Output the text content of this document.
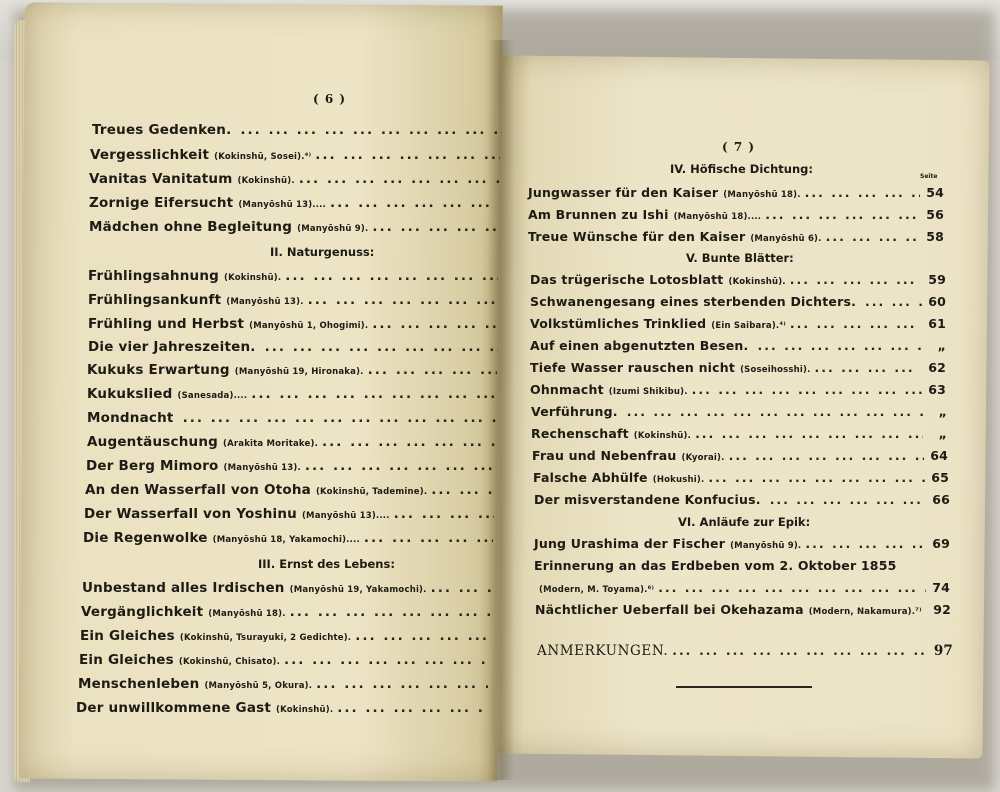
( 6 )
Treues Gedenken.
... .
Vergesslichkeit (Kokinshū, Sosei).⁴⁾
... .
Vanitas Vanitatum (Kokinshū).
... .
Zornige Eifersucht (Manyōshū 13)....
... .
Mädchen ohne Begleitung (Manyōshū 9).
... .
II. Naturgenuss:
Frühlingsahnung (Kokinshū).
... .
Frühlingsankunft (Manyōshū 13).
... .
Frühling und Herbst (Manyōshū 1, Ohogimi).
... .
Die vier Jahreszeiten.
... .
Kukuks Erwartung (Manyōshū 19, Hironaka).
... .
Kukukslied (Sanesada)....
... .
Mondnacht
... .
Augentäuschung (Arakita Moritake).
... .
Der Berg Mimoro (Manyōshū 13).
... .
An den Wasserfall von Otoha (Kokinshū, Tademine).
... .
Der Wasserfall von Yoshinu (Manyōshū 13)....
... .
Die Regenwolke (Manyōshū 18, Yakamochi)....
... .
III. Ernst des Lebens:
Unbestand alles Irdischen (Manyōshū 19, Yakamochi).
... .
Vergänglichkeit (Manyōshū 18).
... .
Ein Gleiches (Kokinshū, Tsurayuki, 2 Gedichte).
... .
Ein Gleiches (Kokinshū, Chisato).
... .
Menschenleben (Manyōshū 5, Okura).
... .
Der unwillkommene Gast (Kokinshū).
... .
( 7 )
IV. Höfische Dichtung:
Seite
Jungwasser für den Kaiser (Manyōshū 18). ... .	54
Am Brunnen zu Ishi (Manyōshū 18).... ... .	56
Treue Wünsche für den Kaiser (Manyōshū 6). ... .	58
V. Bunte Blätter:
Das trügerische Lotosblatt (Kokinshū). ... .	59
Schwanengesang eines sterbenden Dichters. ... .	60
Volkstümliches Trinklied (Ein Saibara).⁴⁾ ... .	61
Auf einen abgenutzten Besen. ... .	„
Tiefe Wasser rauschen nicht (Soseihosshi). ... .	62
Ohnmacht (Izumi Shikibu). ... .	63
Verführung. ... .	„
Rechenschaft (Kokinshū). ... .	„
Frau und Nebenfrau (Kyorai). ... .	64
Falsche Abhülfe (Hokushi). ... .	65
Der misverstandene Konfucius. ... .	66
VI. Anläufe zur Epik:
Jung Urashima der Fischer (Manyōshū 9). ... .	69
Erinnerung an das Erdbeben vom 2. Oktober 1855
(Modern, M. Toyama).⁶⁾ ... .	74
Nächtlicher Ueberfall bei Okehazama (Modern, Nakamura).⁷⁾ ... . 92
ANMERKUNGEN. ... .	97
